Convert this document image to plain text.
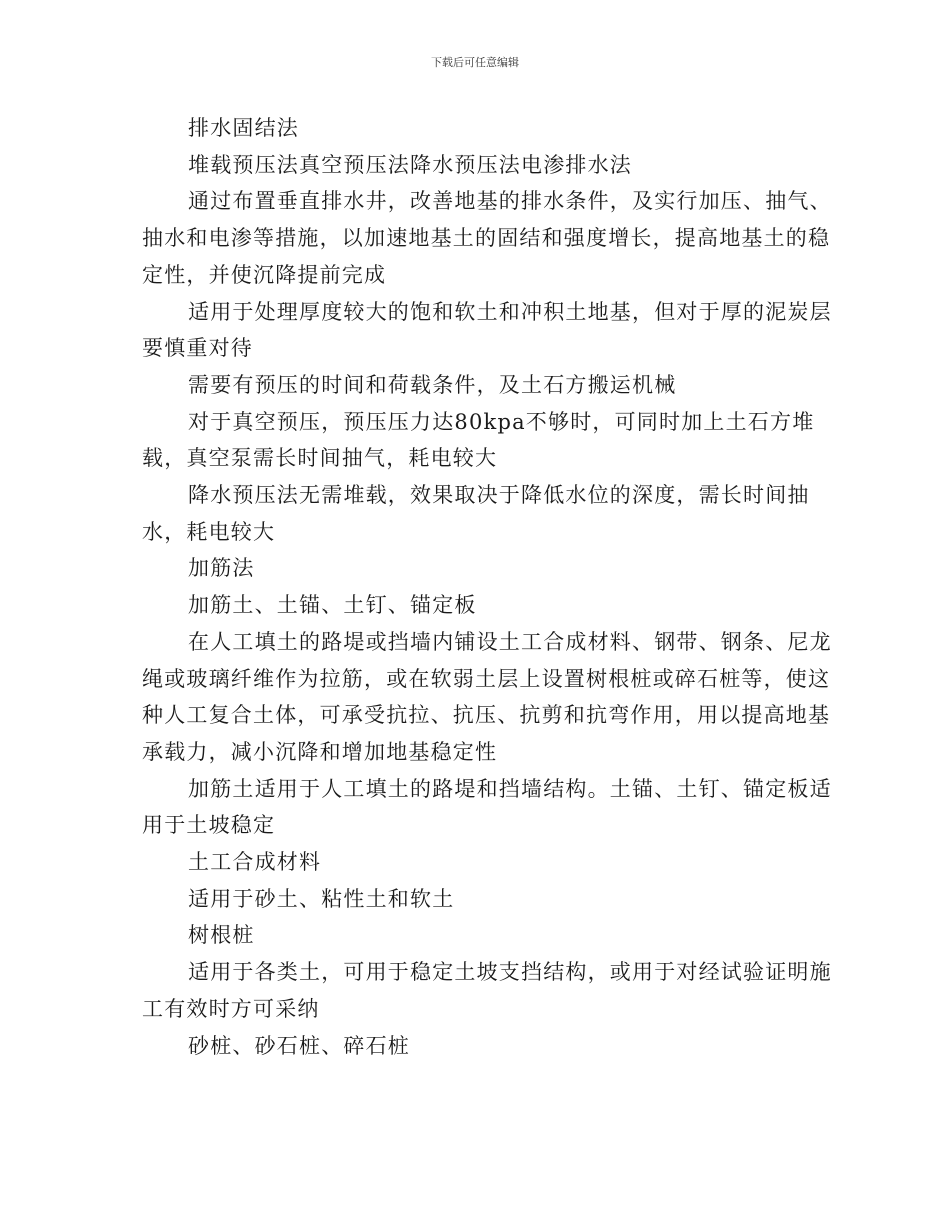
下载后可任意编辑

排水固结法

堆载预压法真空预压法降水预压法电渗排水法

通过布置垂直排水井，改善地基的排水条件，及实行加压、抽气、抽水和电渗等措施，以加速地基土的固结和强度增长，提高地基土的稳定性，并使沉降提前完成

适用于处理厚度较大的饱和软土和冲积土地基，但对于厚的泥炭层要慎重对待

需要有预压的时间和荷载条件，及土石方搬运机械

对于真空预压，预压压力达80kpa不够时，可同时加上土石方堆载，真空泵需长时间抽气，耗电较大

降水预压法无需堆载，效果取决于降低水位的深度，需长时间抽水，耗电较大

加筋法

加筋土、土锚、土钉、锚定板

在人工填土的路堤或挡墙内铺设土工合成材料、钢带、钢条、尼龙绳或玻璃纤维作为拉筋，或在软弱土层上设置树根桩或碎石桩等，使这种人工复合土体，可承受抗拉、抗压、抗剪和抗弯作用，用以提高地基承载力，减小沉降和增加地基稳定性

加筋土适用于人工填土的路堤和挡墙结构。土锚、土钉、锚定板适用于土坡稳定

土工合成材料

适用于砂土、粘性土和软土

树根桩

适用于各类土，可用于稳定土坡支挡结构，或用于对经试验证明施工有效时方可采纳

砂桩、砂石桩、碎石桩
